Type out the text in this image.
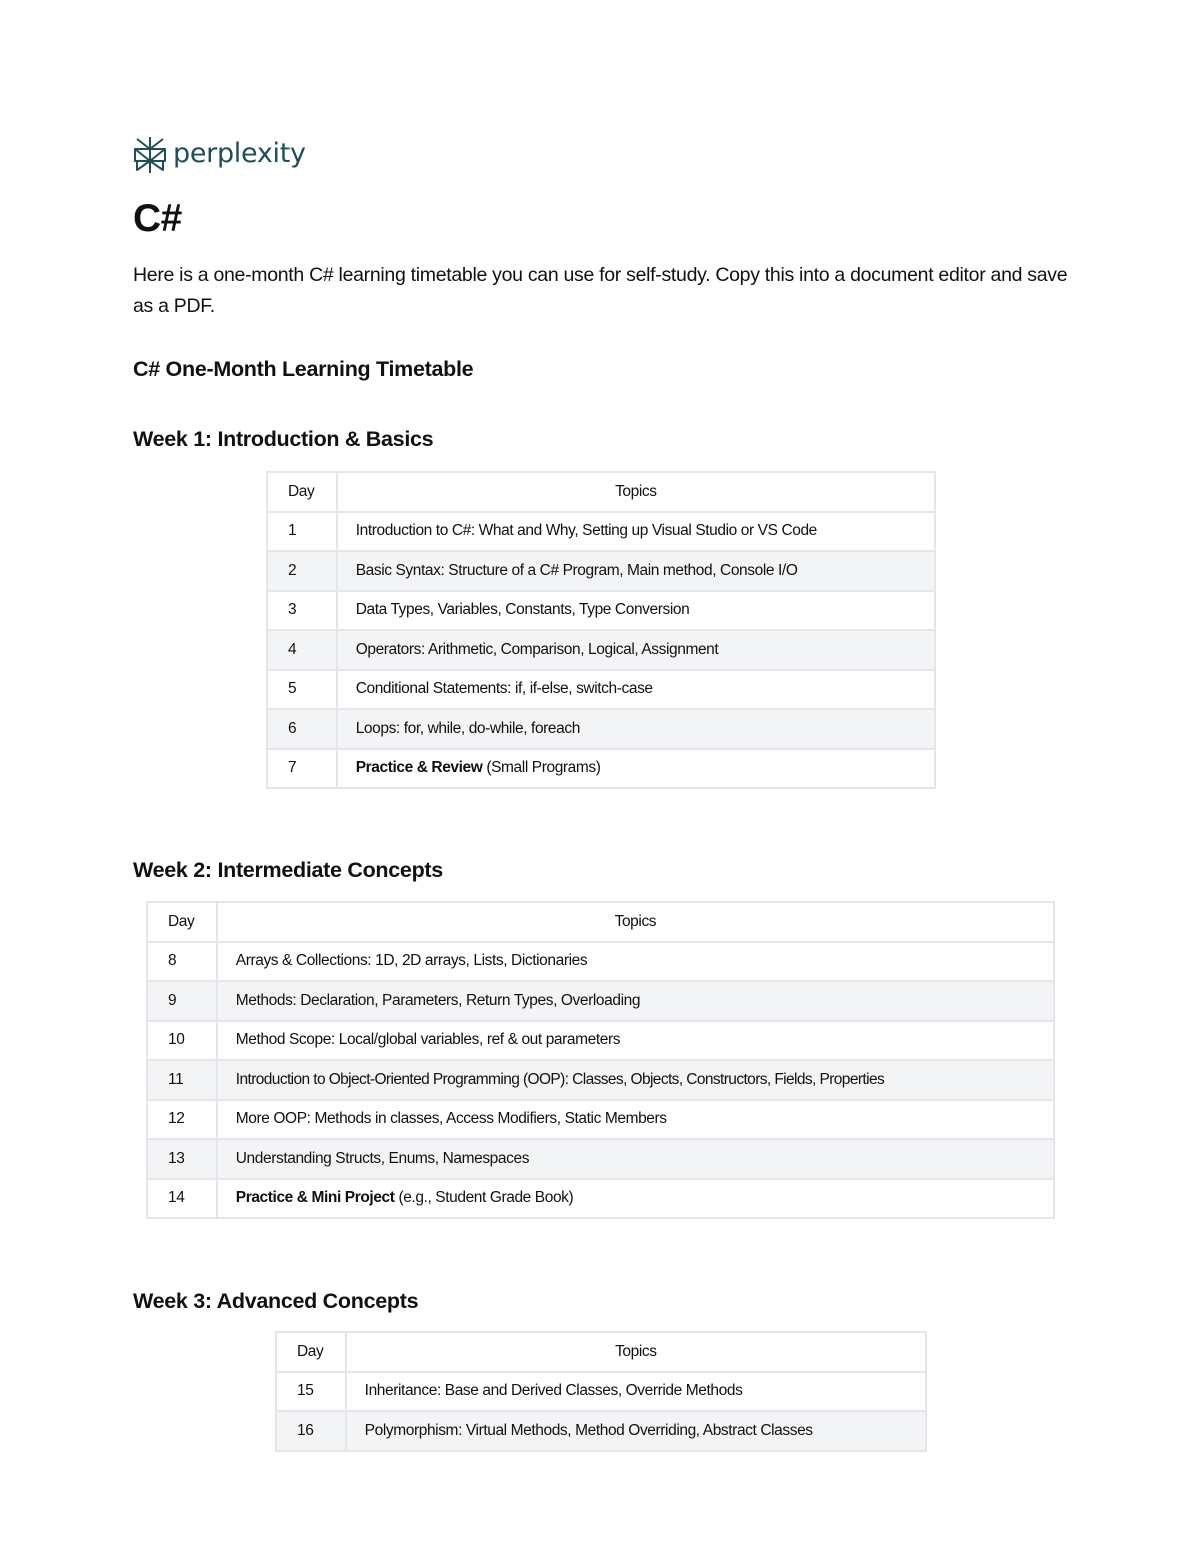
perplexity
C#

Here is a one-month C# learning timetable you can use for self-study. Copy this into a document editor and save as a PDF.

C# One-Month Learning Timetable
Week 1: Introduction & Basics
Day	Topics
1	Introduction to C#: What and Why, Setting up Visual Studio or VS Code
2	Basic Syntax: Structure of a C# Program, Main method, Console I/O
3	Data Types, Variables, Constants, Type Conversion
4	Operators: Arithmetic, Comparison, Logical, Assignment
5	Conditional Statements: if, if-else, switch-case
6	Loops: for, while, do-while, foreach
7	Practice & Review (Small Programs)
Week 2: Intermediate Concepts
Day	Topics
8	Arrays & Collections: 1D, 2D arrays, Lists, Dictionaries
9	Methods: Declaration, Parameters, Return Types, Overloading
10	Method Scope: Local/global variables, ref & out parameters
11	Introduction to Object-Oriented Programming (OOP): Classes, Objects, Constructors, Fields, Properties
12	More OOP: Methods in classes, Access Modifiers, Static Members
13	Understanding Structs, Enums, Namespaces
14	Practice & Mini Project (e.g., Student Grade Book)
Week 3: Advanced Concepts
Day	Topics
15	Inheritance: Base and Derived Classes, Override Methods
16	Polymorphism: Virtual Methods, Method Overriding, Abstract Classes
